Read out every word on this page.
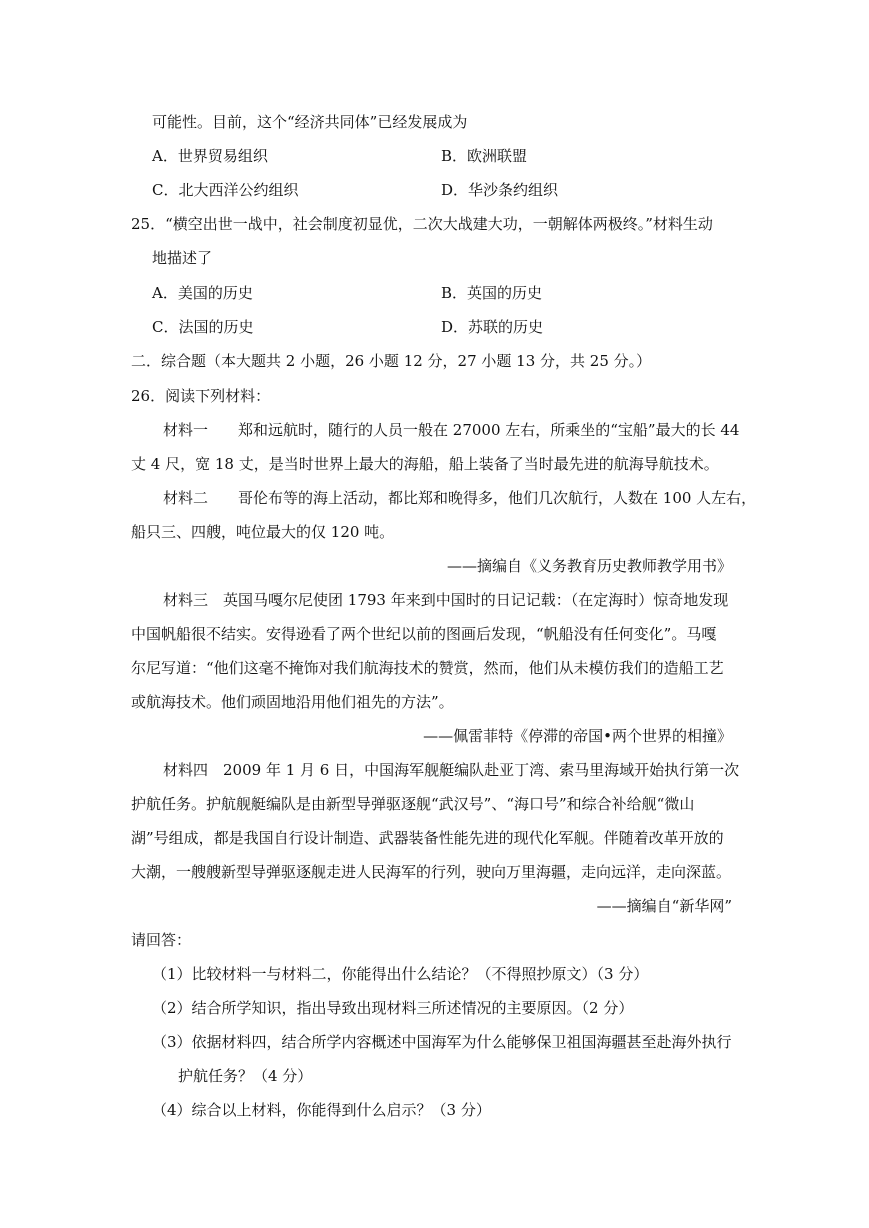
可能性。目前，这个“经济共同体”已经发展成为
A．世界贸易组织	B．欧洲联盟
C．北大西洋公约组织	D．华沙条约组织
25．“横空出世一战中，社会制度初显优，二次大战建大功，一朝解体两极终。”材料生动
地描述了
A．美国的历史	B．英国的历史
C．法国的历史	D．苏联的历史
二．综合题（本大题共 2 小题，26 小题 12 分，27 小题 13 分，共 25 分。）
26．阅读下列材料：
材料一　　郑和远航时，随行的人员一般在 27000 左右，所乘坐的“宝船”最大的长 44
丈 4 尺，宽 18 丈，是当时世界上最大的海船，船上装备了当时最先进的航海导航技术。
材料二　　哥伦布等的海上活动，都比郑和晚得多，他们几次航行，人数在 100 人左右，
船只三、四艘，吨位最大的仅 120 吨。
——摘编自《义务教育历史教师教学用书》
材料三　英国马嘎尔尼使团 1793 年来到中国时的日记记载：（在定海时）惊奇地发现
中国帆船很不结实。安得逊看了两个世纪以前的图画后发现，“帆船没有任何变化”。马嘎
尔尼写道：“他们这毫不掩饰对我们航海技术的赞赏，然而，他们从未模仿我们的造船工艺
或航海技术。他们顽固地沿用他们祖先的方法”。
——佩雷菲特《停滞的帝国•两个世界的相撞》
材料四　2009 年 1 月 6 日，中国海军舰艇编队赴亚丁湾、索马里海域开始执行第一次
护航任务。护航舰艇编队是由新型导弹驱逐舰“武汉号”、“海口号”和综合补给舰“微山
湖”号组成，都是我国自行设计制造、武器装备性能先进的现代化军舰。伴随着改革开放的
大潮，一艘艘新型导弹驱逐舰走进人民海军的行列，驶向万里海疆，走向远洋，走向深蓝。
——摘编自“新华网”
请回答：
（1）比较材料一与材料二，你能得出什么结论？（不得照抄原文）（3 分）
（2）结合所学知识，指出导致出现材料三所述情况的主要原因。（2 分）
（3）依据材料四，结合所学内容概述中国海军为什么能够保卫祖国海疆甚至赴海外执行
护航任务？（4 分）
（4）综合以上材料，你能得到什么启示？（3 分）
